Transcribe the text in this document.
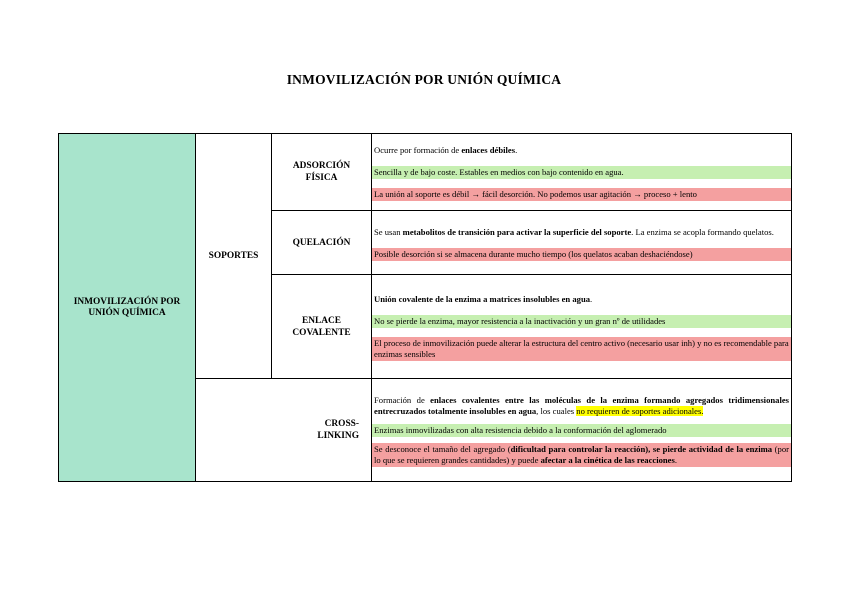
INMOVILIZACIÓN POR UNIÓN QUÍMICA
INMOVILIZACIÓN POR UNIÓN QUÍMICA	SOPORTES	ADSORCIÓN FÍSICA	Ocurre por formación de enlaces débiles.
Sencilla y de bajo coste. Estables en medios con bajo contenido en agua.
La unión al soporte es débil → fácil desorción. No podemos usar agitación → proceso + lento

		QUELACIÓN	Se usan metabolitos de transición para activar la superficie del soporte. La enzima se acopla formando quelatos.
Posible desorción si se almacena durante mucho tiempo (los quelatos acaban deshaciéndose)

		ENLACE COVALENTE	Unión covalente de la enzima a matrices insolubles en agua.
No se pierde la enzima, mayor resistencia a la inactivación y un gran nº de utilidades
El proceso de inmovilización puede alterar la estructura del centro activo (necesario usar inh) y no es recomendable para enzimas sensibles

	CROSS-LINKING		Formación de enlaces covalentes entre las moléculas de la enzima formando agregados tridimensionales entrecruzados totalmente insolubles en agua, los cuales no requieren de soportes adicionales.
Enzimas inmovilizadas con alta resistencia debido a la conformación del aglomerado
Se desconoce el tamaño del agregado (dificultad para controlar la reacción), se pierde actividad de la enzima (por lo que se requieren grandes cantidades) y puede afectar a la cinética de las reacciones.
